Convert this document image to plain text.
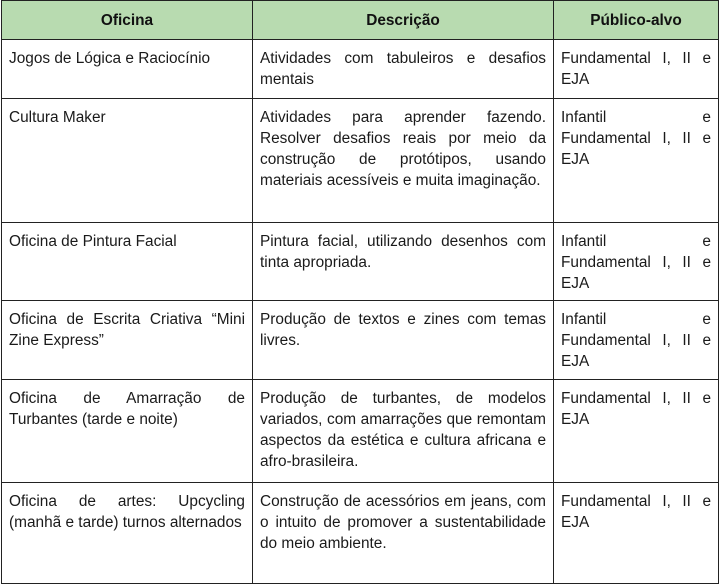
Oficina	Descrição	Público-alvo
Jogos de Lógica e Raciocínio	Atividades com tabuleiros e desafios mentais	Fundamental I, II e EJA
Cultura Maker	Atividades para aprender fazendo. Resolver desafios reais por meio da construção de protótipos, usando materiais acessíveis e muita imaginação.	Infantil e Fundamental I, II e EJA
Oficina de Pintura Facial	Pintura facial, utilizando desenhos com tinta apropriada.	Infantil e Fundamental I, II e EJA
Oficina de Escrita Criativa “Mini Zine Express”	Produção de textos e zines com temas livres.	Infantil e Fundamental I, II e EJA
Oficina de Amarração de Turbantes (tarde e noite)	Produção de turbantes, de modelos variados, com amarrações que remontam aspectos da estética e cultura africana e afro-brasileira.	Fundamental I, II e EJA
Oficina de artes: Upcycling (manhã e tarde) turnos alternados	Construção de acessórios em jeans, com o intuito de promover a sustentabilidade do meio ambiente.	Fundamental I, II e EJA
